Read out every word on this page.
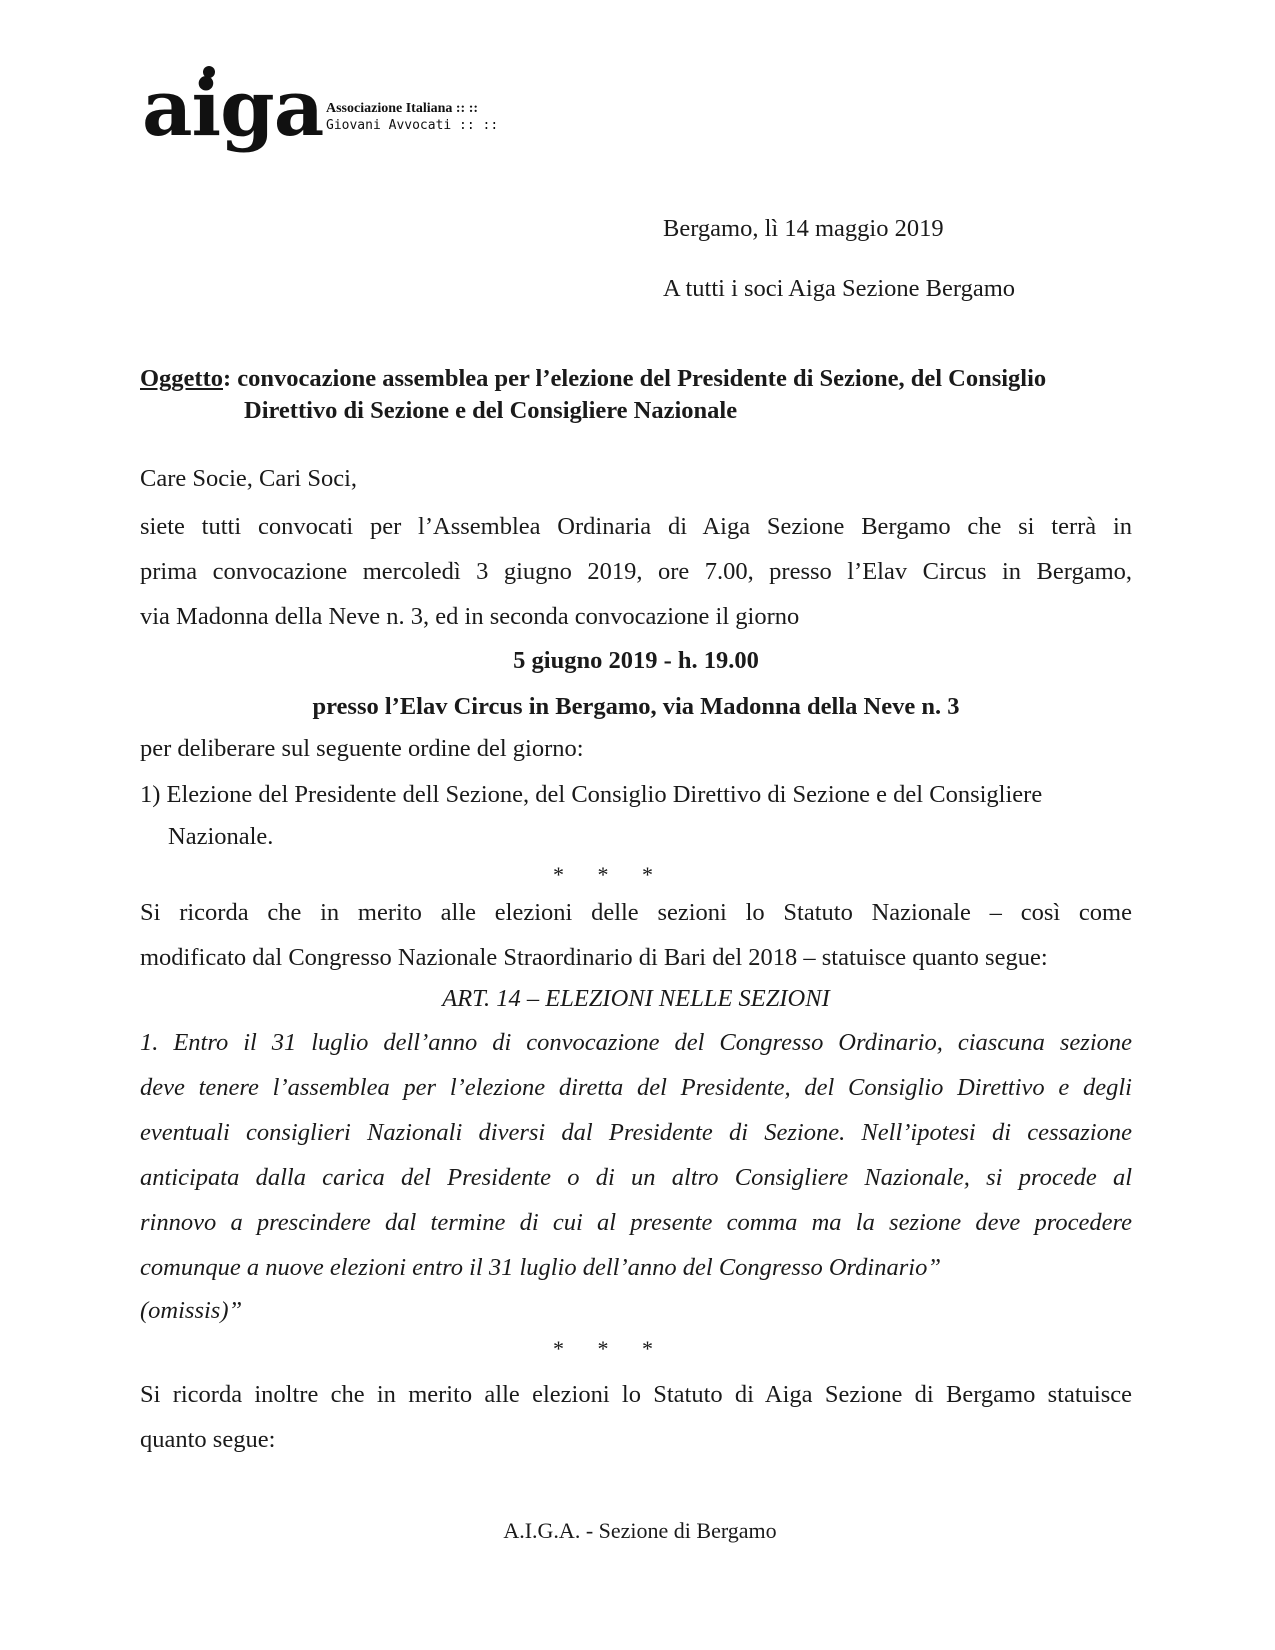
aiga Associazione Italiana :: ::
Giovani Avvocati :: ::
Bergamo, lì 14 maggio 2019
A tutti i soci Aiga Sezione Bergamo
Oggetto: convocazione assemblea per l’elezione del Presidente di Sezione, del Consiglio
Direttivo di Sezione e del Consigliere Nazionale
Care Socie, Cari Soci,
siete tutti convocati per l’Assemblea Ordinaria di Aiga Sezione Bergamo che si terrà in
prima convocazione mercoledì 3 giugno 2019, ore 7.00, presso l’Elav Circus in Bergamo,
via Madonna della Neve n. 3, ed in seconda convocazione il giorno
5 giugno 2019 - h. 19.00
presso l’Elav Circus in Bergamo, via Madonna della Neve n. 3
per deliberare sul seguente ordine del giorno:
1) Elezione del Presidente dell Sezione, del Consiglio Direttivo di Sezione e del Consigliere
Nazionale.
* * *
Si ricorda che in merito alle elezioni delle sezioni lo Statuto Nazionale – così come
modificato dal Congresso Nazionale Straordinario di Bari del 2018 – statuisce quanto segue:
ART. 14 – ELEZIONI NELLE SEZIONI
1. Entro il 31 luglio dell’anno di convocazione del Congresso Ordinario, ciascuna sezione
deve tenere l’assemblea per l’elezione diretta del Presidente, del Consiglio Direttivo e degli
eventuali consiglieri Nazionali diversi dal Presidente di Sezione. Nell’ipotesi di cessazione
anticipata dalla carica del Presidente o di un altro Consigliere Nazionale, si procede al
rinnovo a prescindere dal termine di cui al presente comma ma la sezione deve procedere
comunque a nuove elezioni entro il 31 luglio dell’anno del Congresso Ordinario”
(omissis)”
* * *
Si ricorda inoltre che in merito alle elezioni lo Statuto di Aiga Sezione di Bergamo statuisce
quanto segue:
A.I.G.A. - Sezione di Bergamo
